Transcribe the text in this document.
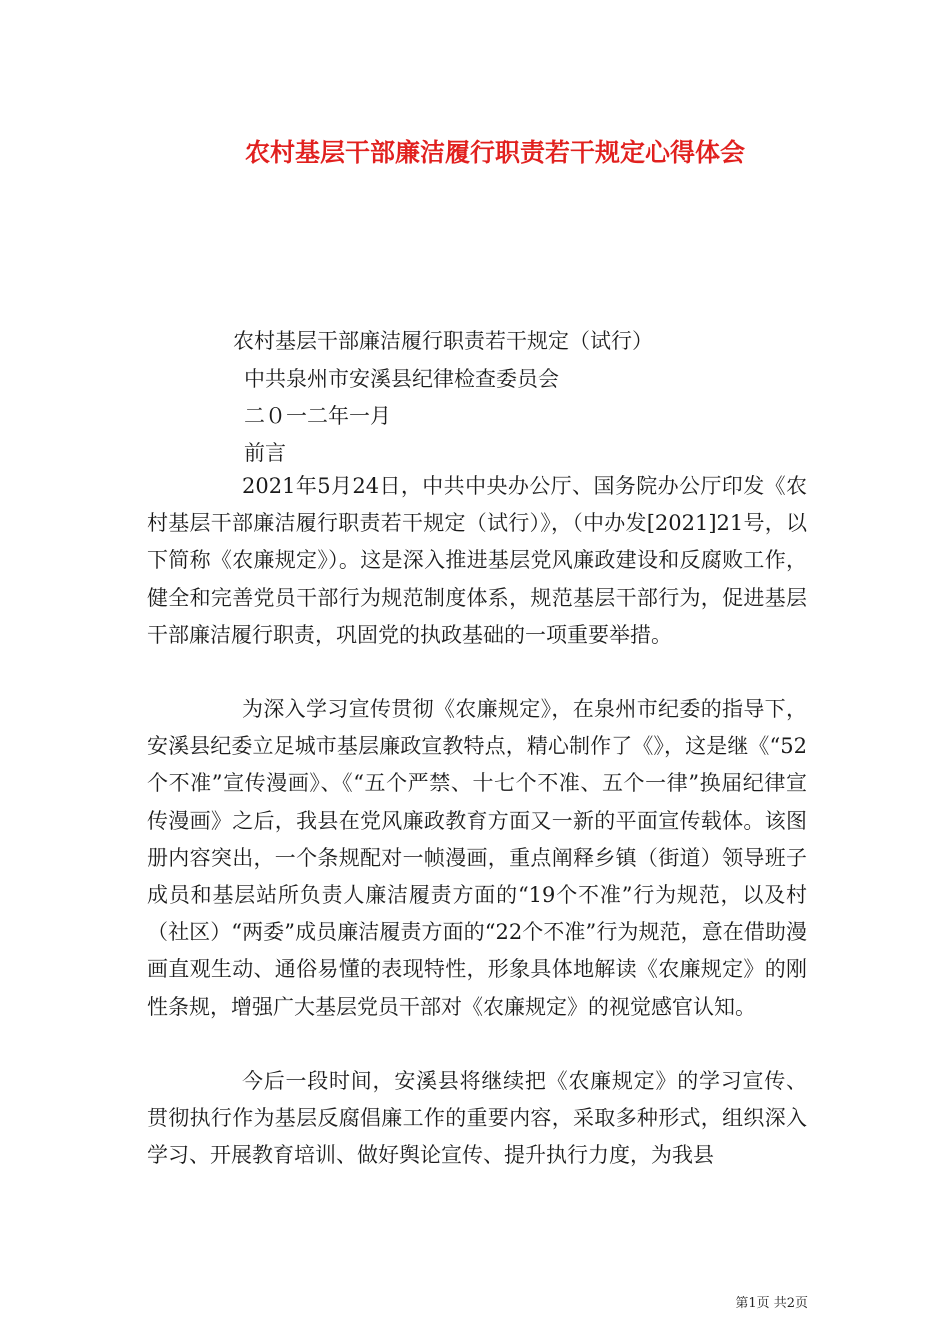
农村基层干部廉洁履行职责若干规定心得体会

农村基层干部廉洁履行职责若干规定（试行）

中共泉州市安溪县纪律检查委员会

二０一二年一月

前言

2021年5月24日，中共中央办公厅、国务院办公厅印发《农村基层干部廉洁履行职责若干规定（试行）》，（中办发[2021]21号，以下简称《农廉规定》）。这是深入推进基层党风廉政建设和反腐败工作，健全和完善党员干部行为规范制度体系，规范基层干部行为，促进基层干部廉洁履行职责，巩固党的执政基础的一项重要举措。

为深入学习宣传贯彻《农廉规定》，在泉州市纪委的指导下，安溪县纪委立足城市基层廉政宣教特点，精心制作了《》，这是继《“52个不准”宣传漫画》、《“五个严禁、十七个不准、五个一律”换届纪律宣传漫画》之后，我县在党风廉政教育方面又一新的平面宣传载体。该图册内容突出，一个条规配对一帧漫画，重点阐释乡镇（街道）领导班子成员和基层站所负责人廉洁履责方面的“19个不准”行为规范，以及村（社区）“两委”成员廉洁履责方面的“22个不准”行为规范，意在借助漫画直观生动、通俗易懂的表现特性，形象具体地解读《农廉规定》的刚性条规，增强广大基层党员干部对《农廉规定》的视觉感官认知。

今后一段时间，安溪县将继续把《农廉规定》的学习宣传、贯彻执行作为基层反腐倡廉工作的重要内容，采取多种形式，组织深入学习、开展教育培训、做好舆论宣传、提升执行力度，为我县

第1页 共2页
